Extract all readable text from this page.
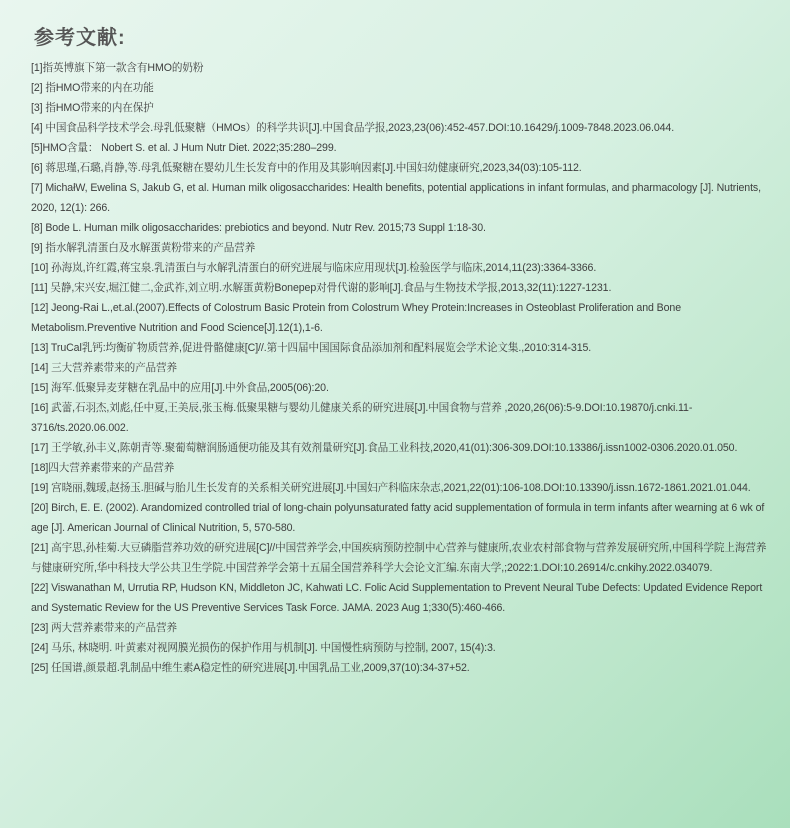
参考文献:
[1]指英博旗下第一款含有HMO的奶粉
[2] 指HMO带来的内在功能
[3] 指HMO带来的内在保护
[4] 中国食品科学技术学会.母乳低聚糖（HMOs）的科学共识[J].中国食品学报,2023,23(06):452-457.DOI:10.16429/j.1009-7848.2023.06.044.
[5]HMO含量： Nobert S. et al. J Hum Nutr Diet. 2022;35:280–299.
[6] 蒋思瑾,石璐,肖静,等.母乳低聚糖在婴幼儿生长发育中的作用及其影响因素[J].中国妇幼健康研究,2023,34(03):105-112.
[7] MichałW, Ewelina S, Jakub G, et al. Human milk oligosaccharides: Health benefits, potential applications in infant formulas, and pharmacology [J]. Nutrients, 2020, 12(1): 266.
[8] Bode L. Human milk oligosaccharides: prebiotics and beyond. Nutr Rev. 2015;73 Suppl 1:18-30.
[9] 指水解乳清蛋白及水解蛋黄粉带来的产品营养
[10] 孙海岚,许红霞,蒋宝泉.乳清蛋白与水解乳清蛋白的研究进展与临床应用现状[J].检验医学与临床,2014,11(23):3364-3366.
[11] 吴静,宋兴安,堀江健二,金武祚,刘立明.水解蛋黄粉Bonepep对骨代谢的影响[J].食品与生物技术学报,2013,32(11):1227-1231.
[12] Jeong-Rai L.,et.al.(2007).Effects of Colostrum Basic Protein from Colostrum Whey Protein:Increases in Osteoblast Proliferation and Bone Metabolism.Preventive Nutrition and Food Science[J].12(1),1-6.
[13] TruCal乳钙:均衡矿物质营养,促进骨骼健康[C]//.第十四届中国国际食品添加剂和配料展览会学术论文集.,2010:314-315.
[14] 三大营养素带来的产品营养
[15] 海军.低聚异麦芽糖在乳品中的应用[J].中外食品,2005(06):20.
[16] 武蕾,石羽杰,刘彪,任中夏,王美辰,张玉梅.低聚果糖与婴幼儿健康关系的研究进展[J].中国食物与营养 ,2020,26(06):5-9.DOI:10.19870/j.cnki.11-3716/ts.2020.06.002.
[17] 王学敏,孙丰义,陈朝青等.聚葡萄糖润肠通便功能及其有效剂量研究[J].食品工业科技,2020,41(01):306-309.DOI:10.13386/j.issn1002-0306.2020.01.050.
[18]四大营养素带来的产品营养
[19] 宫晓丽,魏瑷,赵扬玉.胆碱与胎儿生长发育的关系相关研究进展[J].中国妇产科临床杂志,2021,22(01):106-108.DOI:10.13390/j.issn.1672-1861.2021.01.044.
[20] Birch, E. E. (2002). Arandomized controlled trial of long-chain polyunsaturated fatty acid supplementation of formula in term infants after wearning at 6 wk of age [J]. American Journal of Clinical Nutrition, 5, 570-580.
[21] 高宇思,孙桂菊.大豆磷脂营养功效的研究进展[C]//中国营养学会,中国疾病预防控制中心营养与健康所,农业农村部食物与营养发展研究所,中国科学院上海营养与健康研究所,华中科技大学公共卫生学院.中国营养学会第十五届全国营养科学大会论文汇编.东南大学,;2022:1.DOI:10.26914/c.cnkihy.2022.034079.
[22] Viswanathan M, Urrutia RP, Hudson KN, Middleton JC, Kahwati LC. Folic Acid Supplementation to Prevent Neural Tube Defects: Updated Evidence Report and Systematic Review for the US Preventive Services Task Force. JAMA. 2023 Aug 1;330(5):460-466.
[23] 两大营养素带来的产品营养
[24] 马乐, 林晓明. 叶黄素对视网膜光损伤的保护作用与机制[J]. 中国慢性病预防与控制, 2007, 15(4):3.
[25] 任国谱,颜景超.乳制品中维生素A稳定性的研究进展[J].中国乳品工业,2009,37(10):34-37+52.
